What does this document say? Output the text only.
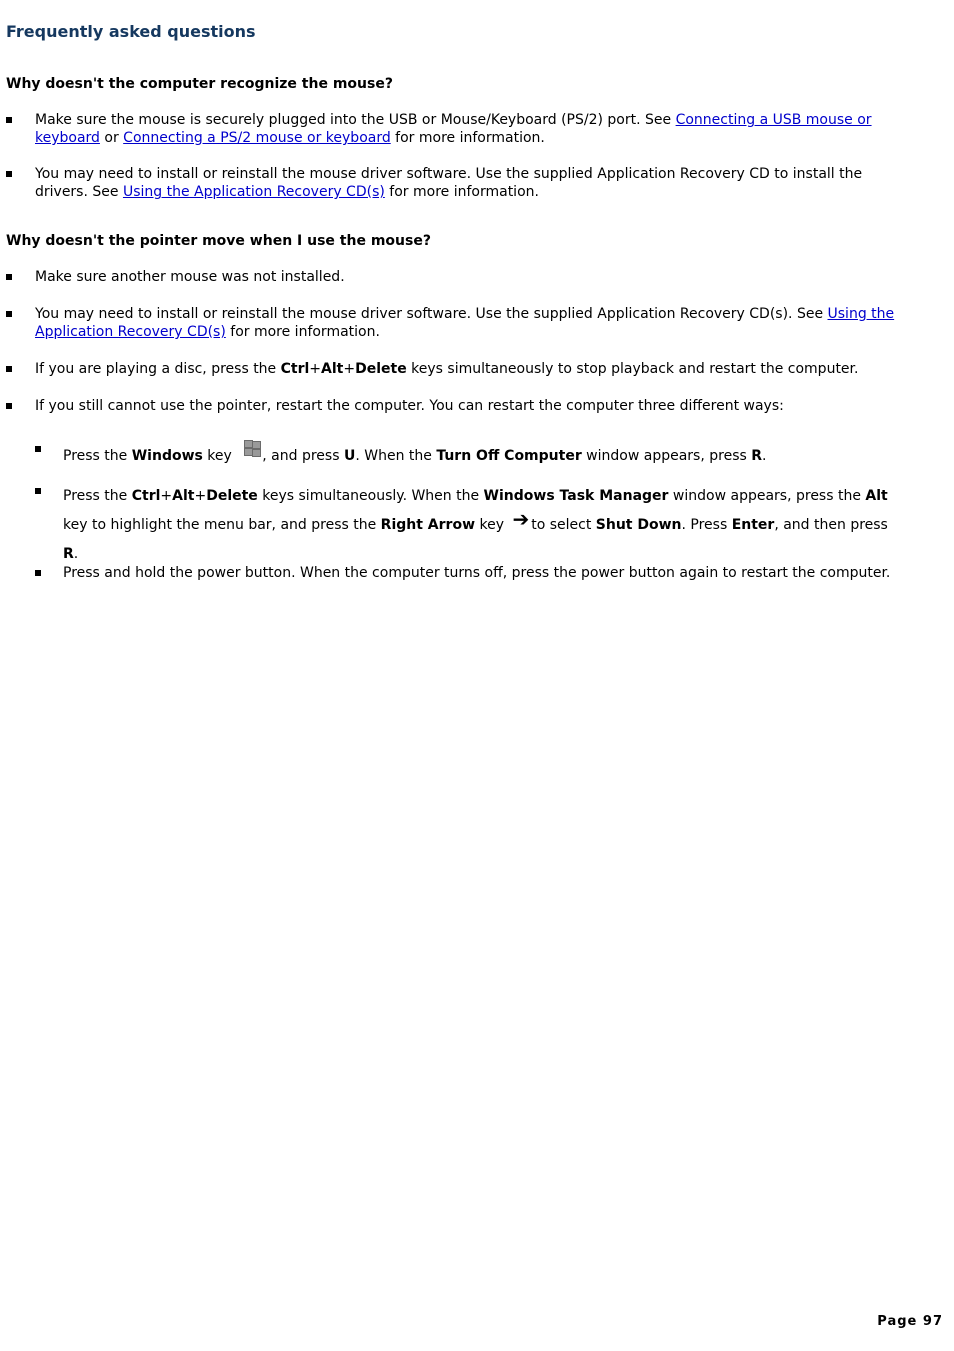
Frequently asked questions

Why doesn't the computer recognize the mouse?

Make sure the mouse is securely plugged into the USB or Mouse/Keyboard (PS/2) port. See Connecting a USB mouse or keyboard or Connecting a PS/2 mouse or keyboard for more information.
You may need to install or reinstall the mouse driver software. Use the supplied Application Recovery CD to install the drivers. See Using the Application Recovery CD(s) for more information.

Why doesn't the pointer move when I use the mouse?

Make sure another mouse was not installed.
You may need to install or reinstall the mouse driver software. Use the supplied Application Recovery CD(s). See Using the Application Recovery CD(s) for more information.
If you are playing a disc, press the Ctrl+Alt+Delete keys simultaneously to stop playback and restart the computer.
If you still cannot use the pointer, restart the computer. You can restart the computer three different ways:
Press the Windows key
, and press U. When the Turn Off Computer window appears, press R.
Press the Ctrl+Alt+Delete keys simultaneously. When the Windows Task Manager window appears, press the Alt key to highlight the menu bar, and press the Right Arrow key ➔ to select Shut Down. Press Enter, and then press R.
Press and hold the power button. When the computer turns off, press the power button again to restart the computer.
Page 97
